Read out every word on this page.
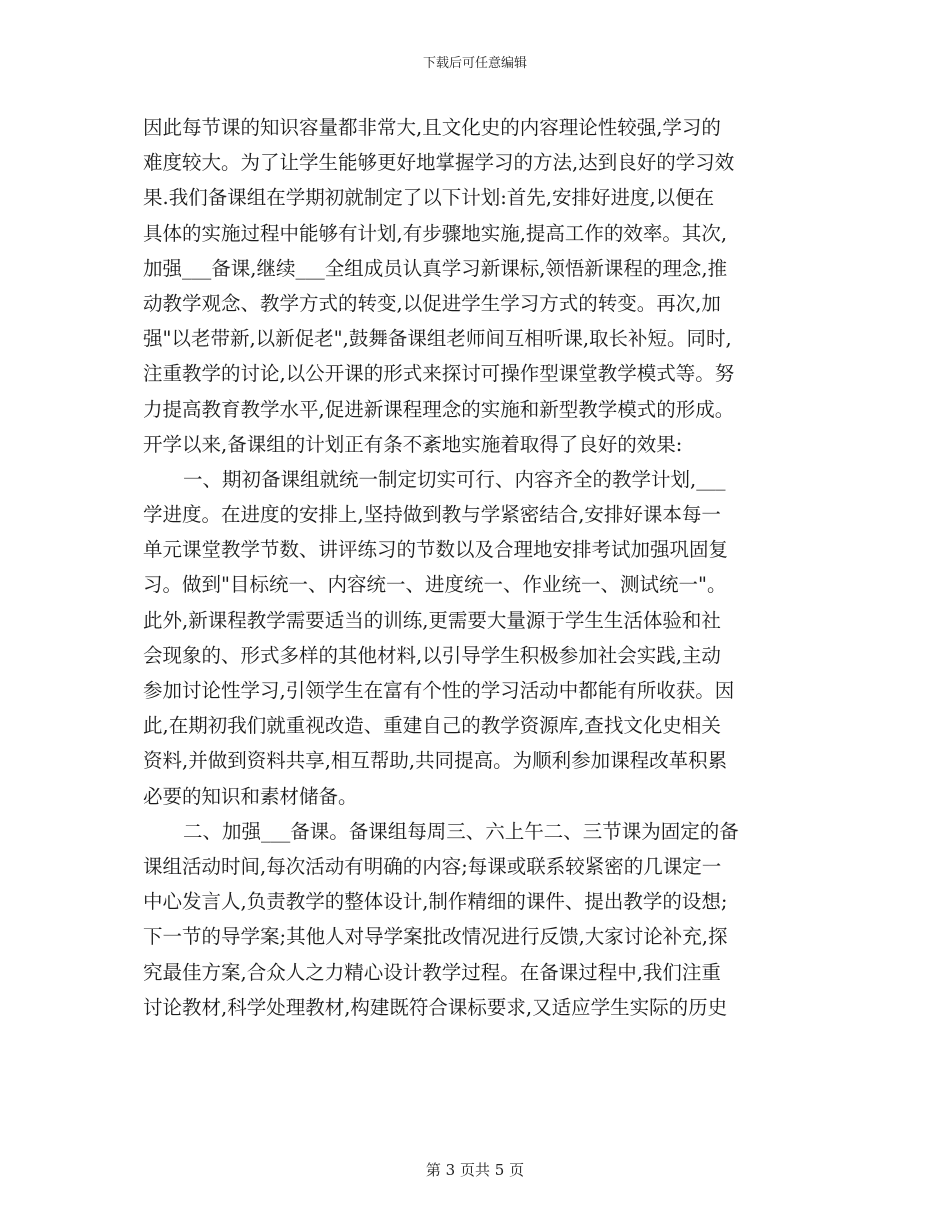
下载后可任意编辑
因此每节课的知识容量都非常大,且文化史的内容理论性较强,学习的
难度较大。为了让学生能够更好地掌握学习的方法,达到良好的学习效
果.我们备课组在学期初就制定了以下计划:首先,安排好进度,以便在
具体的实施过程中能够有计划,有步骤地实施,提高工作的效率。其次,
加强___备课,继续___全组成员认真学习新课标,领悟新课程的理念,推
动教学观念、教学方式的转变,以促进学生学习方式的转变。再次,加
强"以老带新,以新促老",鼓舞备课组老师间互相听课,取长补短。同时,
注重教学的讨论,以公开课的形式来探讨可操作型课堂教学模式等。努
力提高教育教学水平,促进新课程理念的实施和新型教学模式的形成。
开学以来,备课组的计划正有条不紊地实施着取得了良好的效果:
一、期初备课组就统一制定切实可行、内容齐全的教学计划,___
学进度。在进度的安排上,坚持做到教与学紧密结合,安排好课本每一
单元课堂教学节数、讲评练习的节数以及合理地安排考试加强巩固复
习。做到"目标统一、内容统一、进度统一、作业统一、测试统一"。
此外,新课程教学需要适当的训练,更需要大量源于学生生活体验和社
会现象的、形式多样的其他材料,以引导学生积极参加社会实践,主动
参加讨论性学习,引领学生在富有个性的学习活动中都能有所收获。因
此,在期初我们就重视改造、重建自己的教学资源库,查找文化史相关
资料,并做到资料共享,相互帮助,共同提高。为顺利参加课程改革积累
必要的知识和素材储备。
二、加强___备课。备课组每周三、六上午二、三节课为固定的备
课组活动时间,每次活动有明确的内容;每课或联系较紧密的几课定一
中心发言人,负责教学的整体设计,制作精细的课件、提出教学的设想;
下一节的导学案;其他人对导学案批改情况进行反馈,大家讨论补充,探
究最佳方案,合众人之力精心设计教学过程。在备课过程中,我们注重
讨论教材,科学处理教材,构建既符合课标要求,又适应学生实际的历史
第 3 页共 5 页
